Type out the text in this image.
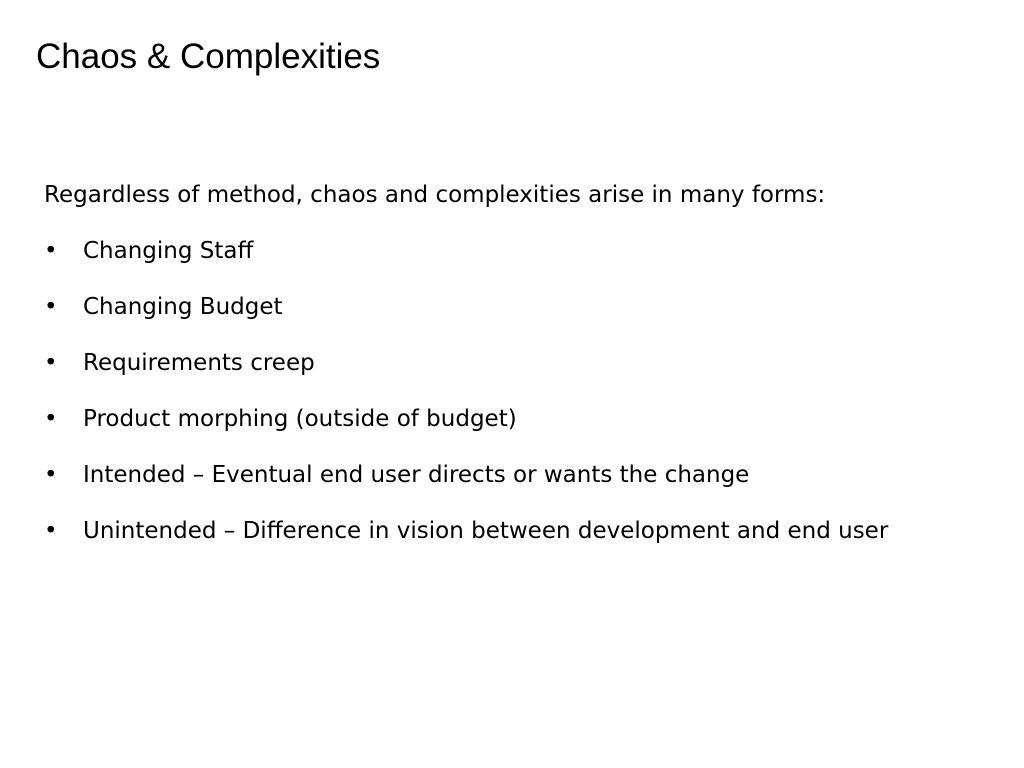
Chaos & Complexities

Regardless of method, chaos and complexities arise in many forms:

• Changing Staff
• Changing Budget
• Requirements creep
• Product morphing (outside of budget)
• Intended – Eventual end user directs or wants the change
• Unintended – Difference in vision between development and end user
